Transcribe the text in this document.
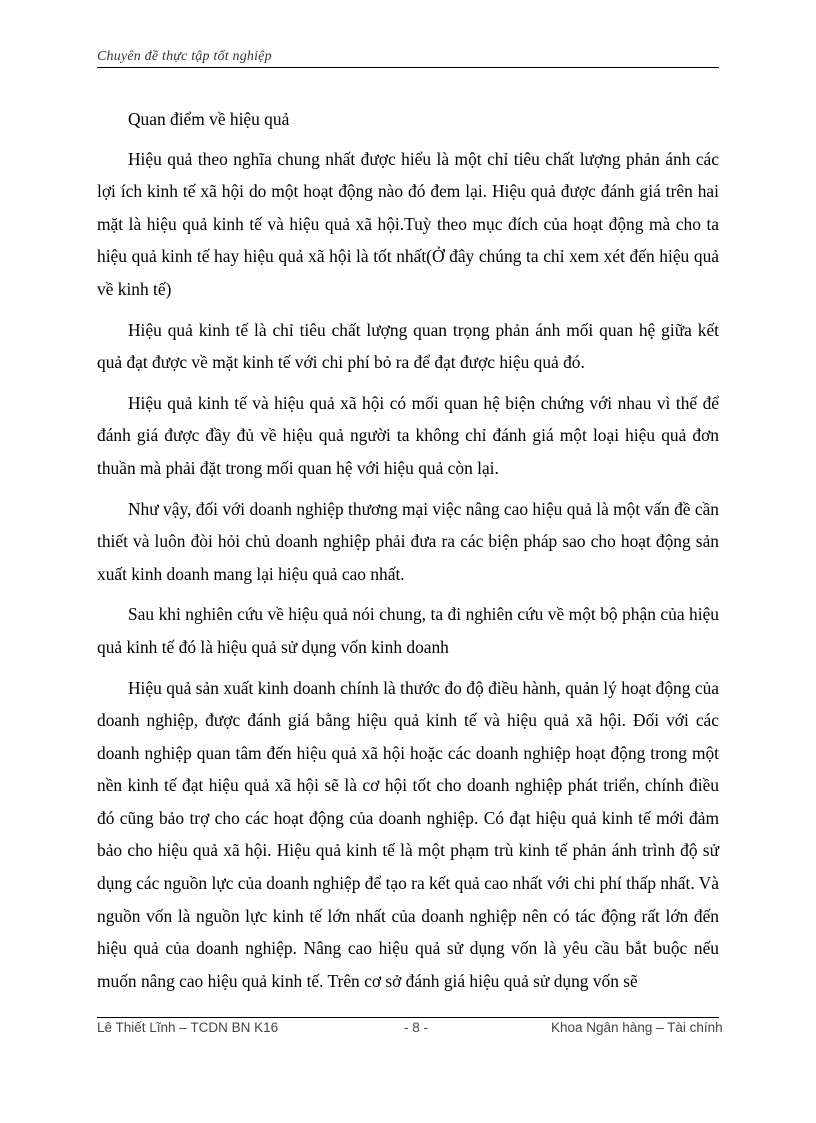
Chuyên đề thực tập tốt nghiệp

Quan điểm về hiệu quả

Hiệu quả theo nghĩa chung nhất được hiểu là một chỉ tiêu chất lượng phản ánh các lợi ích kinh tế xã hội do một hoạt động nào đó đem lại. Hiệu quả được đánh giá trên hai mặt là hiệu quả kinh tế và hiệu quả xã hội.Tuỳ theo mục đích của hoạt động mà cho ta hiệu quả kinh tế hay hiệu quả xã hội là tốt nhất(Ở đây chúng ta chỉ xem xét đến hiệu quả về kinh tế)

Hiệu quả kinh tế là chỉ tiêu chất lượng quan trọng phản ánh mối quan hệ giữa kết quả đạt được về mặt kinh tế với chi phí bỏ ra để đạt được hiệu quả đó.

Hiệu quả kinh tế và hiệu quả xã hội có mối quan hệ biện chứng với nhau vì thế để đánh giá được đầy đủ về hiệu quả người ta không chỉ đánh giá một loại hiệu quả đơn thuần mà phải đặt trong mối quan hệ với hiệu quả còn lại.

Như vậy, đối với doanh nghiệp thương mại việc nâng cao hiệu quả là một vấn đề cần thiết và luôn đòi hỏi chủ doanh nghiệp phải đưa ra các biện pháp sao cho hoạt động sản xuất kinh doanh mang lại hiệu quả cao nhất.

Sau khi nghiên cứu về hiệu quả nói chung, ta đi nghiên cứu về một bộ phận của hiệu quả kinh tế đó là hiệu quả sử dụng vốn kinh doanh

Hiệu quả sản xuất kinh doanh chính là thước đo độ điều hành, quản lý hoạt động của doanh nghiệp, được đánh giá bằng hiệu quả kinh tế và hiệu quả xã hội. Đối với các doanh nghiệp quan tâm đến hiệu quả xã hội hoặc các doanh nghiệp hoạt động trong một nền kinh tế đạt hiệu quả xã hội sẽ là cơ hội tốt cho doanh nghiệp phát triển, chính điều đó cũng bảo trợ cho các hoạt động của doanh nghiệp. Có đạt hiệu quả kinh tế mới đảm bảo cho hiệu quả xã hội. Hiệu quả kinh tế là một phạm trù kinh tế phản ánh trình độ sử dụng các nguồn lực của doanh nghiệp để tạo ra kết quả cao nhất với chi phí thấp nhất. Và nguồn vốn là nguồn lực kinh tế lớn nhất của doanh nghiệp nên có tác động rất lớn đến hiệu quả của doanh nghiệp. Nâng cao hiệu quả sử dụng vốn là yêu cầu bắt buộc nếu muốn nâng cao hiệu quả kinh tế. Trên cơ sở đánh giá hiệu quả sử dụng vốn sẽ

Lê Thiết Lĩnh – TCDN BN K16	- 8 -	Khoa Ngân hàng – Tài chính
